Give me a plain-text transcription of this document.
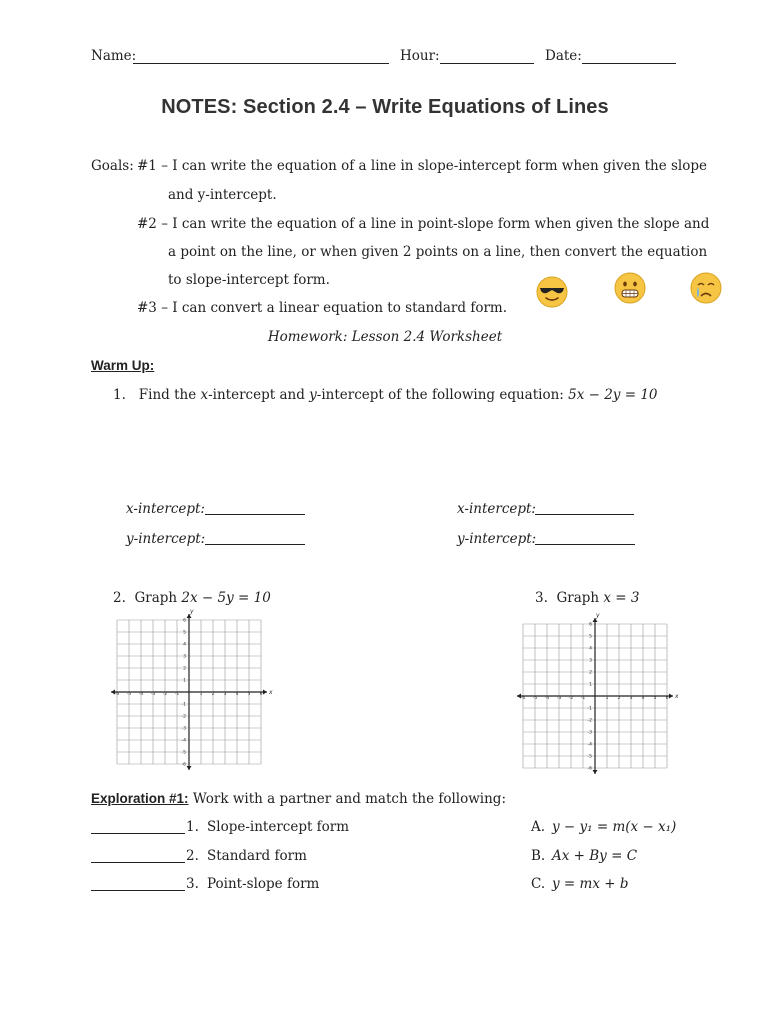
Name:	Hour:	Date:
NOTES: Section 2.4 – Write Equations of Lines
Goals: #1 – I can write the equation of a line in slope-intercept form when given the slope
and y-intercept.
#2 – I can write the equation of a line in point-slope form when given the slope and
a point on the line, or when given 2 points on a line, then convert the equation
to slope-intercept form.
#3 – I can convert a linear equation to standard form.
Homework: Lesson 2.4 Worksheet
Warm Up:
1. Find the x-intercept and y-intercept of the following equation: 5x − 2y = 10
x-intercept:
y-intercept:
x-intercept:
y-intercept:
2. Graph 2x − 5y = 10	3. Graph x = 3
-6 -5 -4 -3 -2 -1	1 2 3 4 5 6
6
5
4
3
2
1
-1
-2
-3
-4
-5
-6
x
y
-6 -5 -4 -3 -2 -1	1 2 3 4 5 6
6
5
4
3
2
1
-1
-2
-3
-4
-5
-6
x
y
Exploration #1: Work with a partner and match the following:
1. Slope-intercept form
2. Standard form
3. Point-slope form
A. y − y₁ = m(x − x₁)
B. Ax + By = C
C. y = mx + b
